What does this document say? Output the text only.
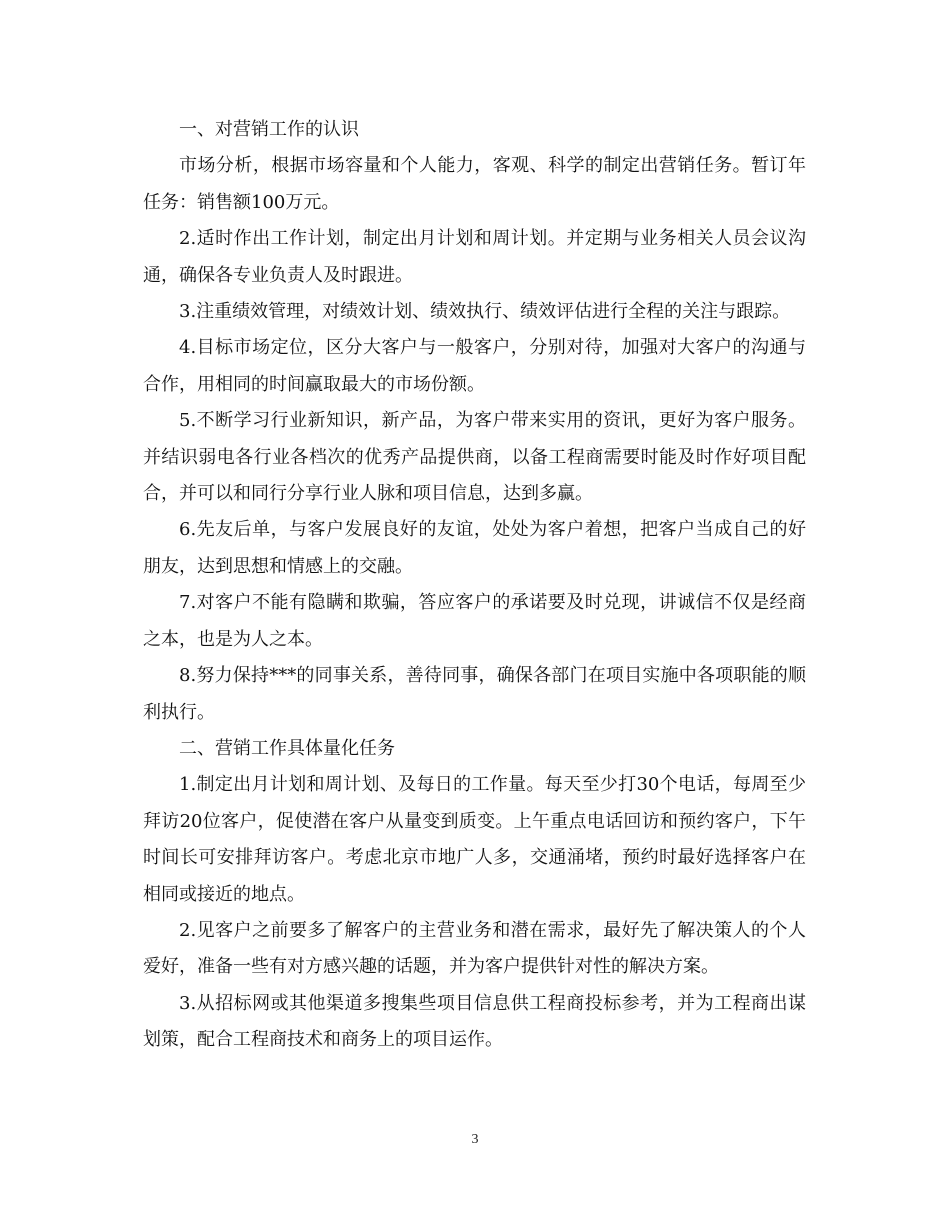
一、对营销工作的认识

市场分析，根据市场容量和个人能力，客观、科学的制定出营销任务。暂订年任务：销售额100万元。

2.适时作出工作计划，制定出月计划和周计划。并定期与业务相关人员会议沟通，确保各专业负责人及时跟进。

3.注重绩效管理，对绩效计划、绩效执行、绩效评估进行全程的关注与跟踪。

4.目标市场定位，区分大客户与一般客户，分别对待，加强对大客户的沟通与合作，用相同的时间赢取最大的市场份额。

5.不断学习行业新知识，新产品，为客户带来实用的资讯，更好为客户服务。并结识弱电各行业各档次的优秀产品提供商，以备工程商需要时能及时作好项目配合，并可以和同行分享行业人脉和项目信息，达到多赢。

6.先友后单，与客户发展良好的友谊，处处为客户着想，把客户当成自己的好朋友，达到思想和情感上的交融。

7.对客户不能有隐瞒和欺骗，答应客户的承诺要及时兑现，讲诚信不仅是经商之本，也是为人之本。

8.努力保持***的同事关系，善待同事，确保各部门在项目实施中各项职能的顺利执行。

二、营销工作具体量化任务

1.制定出月计划和周计划、及每日的工作量。每天至少打30个电话，每周至少拜访20位客户，促使潜在客户从量变到质变。上午重点电话回访和预约客户，下午时间长可安排拜访客户。考虑北京市地广人多，交通涌堵，预约时最好选择客户在相同或接近的地点。

2.见客户之前要多了解客户的主营业务和潜在需求，最好先了解决策人的个人爱好，准备一些有对方感兴趣的话题，并为客户提供针对性的解决方案。

3.从招标网或其他渠道多搜集些项目信息供工程商投标参考，并为工程商出谋划策，配合工程商技术和商务上的项目运作。

3
